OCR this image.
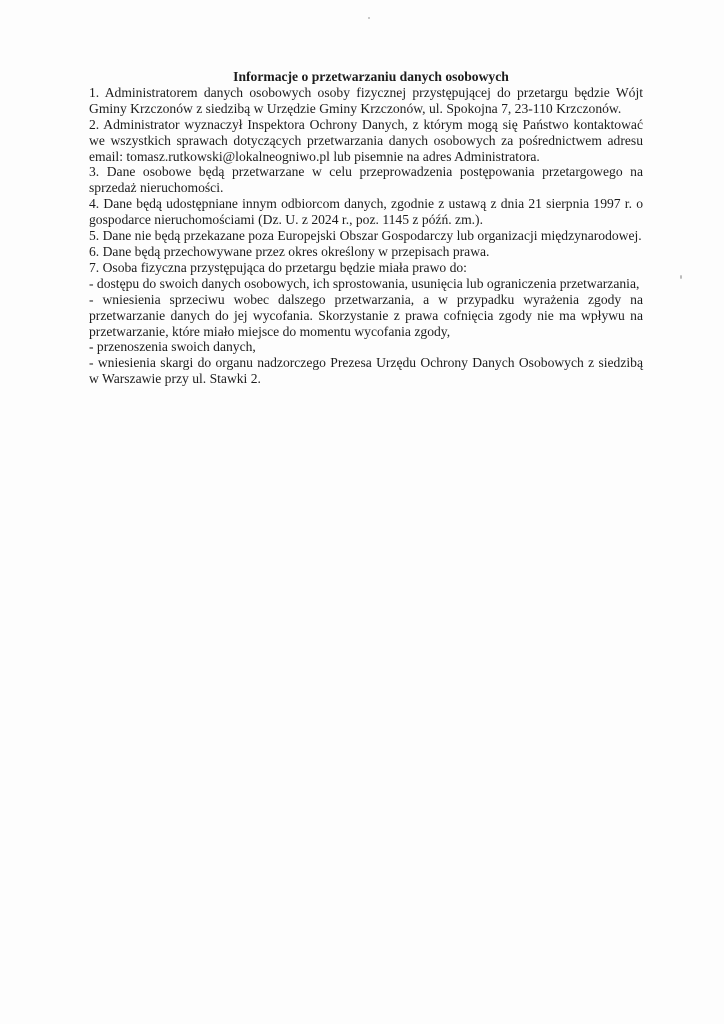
Informacje o przetwarzaniu danych osobowych

1. Administratorem danych osobowych osoby fizycznej przystępującej do przetargu będzie Wójt Gminy Krzczonów z siedzibą w Urzędzie Gminy Krzczonów, ul. Spokojna 7, 23-110 Krzczonów.

2. Administrator wyznaczył Inspektora Ochrony Danych, z którym mogą się Państwo kontaktować we wszystkich sprawach dotyczących przetwarzania danych osobowych za pośrednictwem adresu email: tomasz.rutkowski@lokalneogniwo.pl lub pisemnie na adres Administratora.

3. Dane osobowe będą przetwarzane w celu przeprowadzenia postępowania przetargowego na sprzedaż nieruchomości.

4. Dane będą udostępniane innym odbiorcom danych, zgodnie z ustawą z dnia 21 sierpnia 1997 r. o gospodarce nieruchomościami (Dz. U. z 2024 r., poz. 1145 z późń. zm.).

5. Dane nie będą przekazane poza Europejski Obszar Gospodarczy lub organizacji międzynarodowej.

6. Dane będą przechowywane przez okres określony w przepisach prawa.

7. Osoba fizyczna przystępująca do przetargu będzie miała prawo do:

- dostępu do swoich danych osobowych, ich sprostowania, usunięcia lub ograniczenia przetwarzania,
- wniesienia sprzeciwu wobec dalszego przetwarzania, a w przypadku wyrażenia zgody na przetwarzanie danych do jej wycofania. Skorzystanie z prawa cofnięcia zgody nie ma wpływu na przetwarzanie, które miało miejsce do momentu wycofania zgody,
- przenoszenia swoich danych,
- wniesienia skargi do organu nadzorczego Prezesa Urzędu Ochrony Danych Osobowych z siedzibą w Warszawie przy ul. Stawki 2.
